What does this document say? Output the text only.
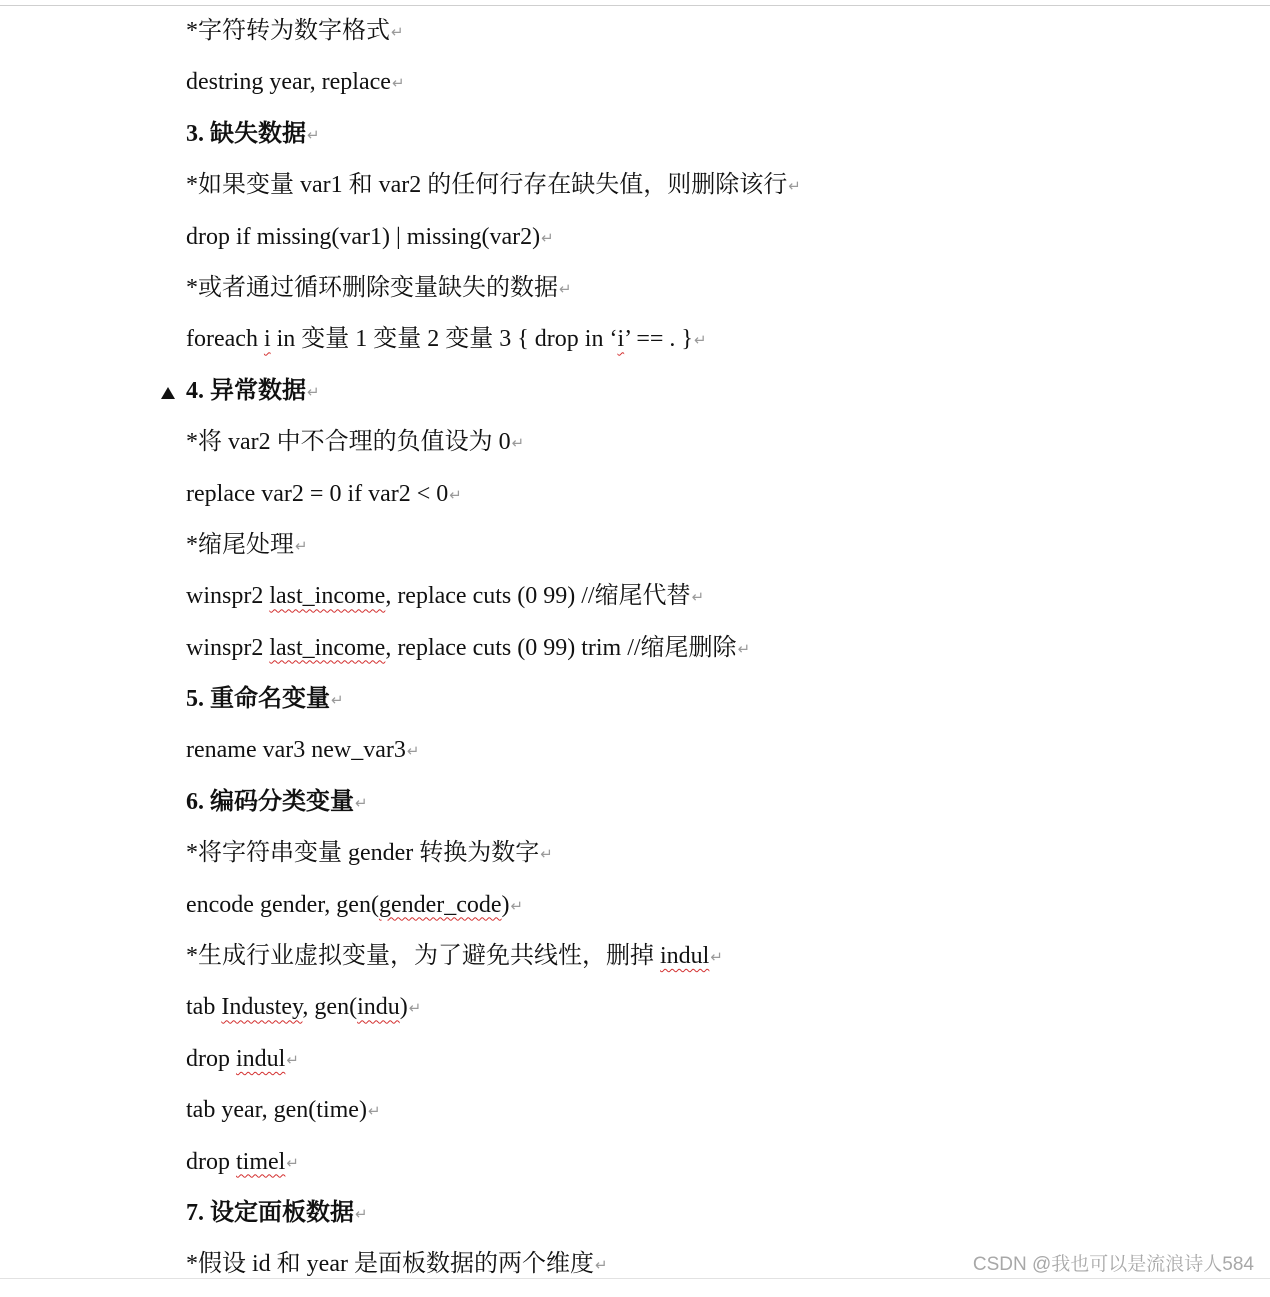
*字符转为数字格式↵
destring year, replace↵
3. 缺失数据↵
*如果变量 var1 和 var2 的任何行存在缺失值，则删除该行↵
drop if missing(var1) | missing(var2)↵
*或者通过循环删除变量缺失的数据↵
foreach i in 变量 1 变量 2 变量 3 { drop in ‘i’ == . }↵
4. 异常数据↵
*将 var2 中不合理的负值设为 0↵
replace var2 = 0 if var2 < 0↵
*缩尾处理↵
winspr2 last_income, replace cuts (0 99) //缩尾代替↵
winspr2 last_income, replace cuts (0 99) trim //缩尾删除↵
5. 重命名变量↵
rename var3 new_var3↵
6. 编码分类变量↵
*将字符串变量 gender 转换为数字↵
encode gender, gen(gender_code)↵
*生成行业虚拟变量，为了避免共线性，删掉 indul↵
tab Industey, gen(indu)↵
drop indul↵
tab year, gen(time)↵
drop timel↵
7. 设定面板数据↵
*假设 id 和 year 是面板数据的两个维度↵	CSDN @我也可以是流浪诗人584
